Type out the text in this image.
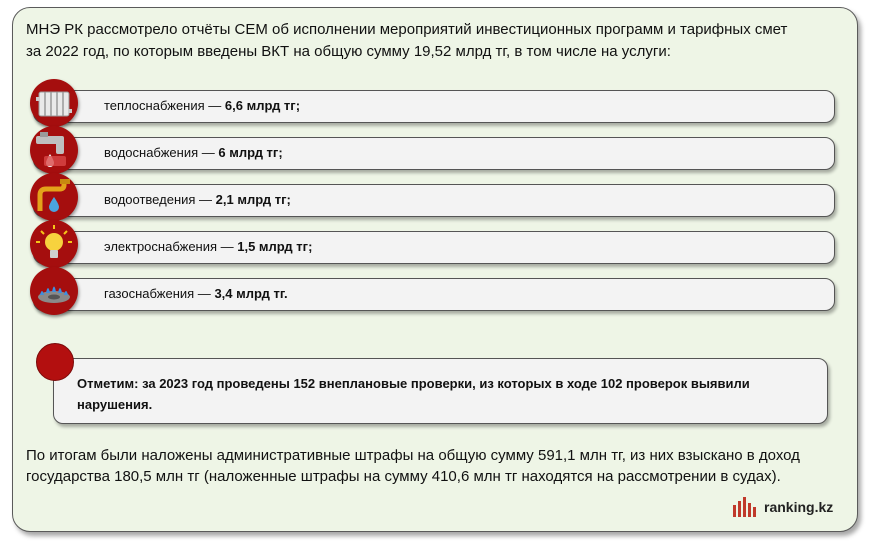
МНЭ РК рассмотрело отчёты СЕМ об исполнении мероприятий инвестиционных программ и тарифных смет
за 2022 год, по которым введены ВКТ на общую сумму 19,52 млрд тг, в том числе на услуги:
теплоснабжения — 6,6 млрд тг;
водоснабжения — 6 млрд тг;
водоотведения — 2,1 млрд тг;
электроснабжения — 1,5 млрд тг;
газоснабжения — 3,4 млрд тг.
Отметим: за 2023 год проведены 152 внеплановые проверки, из которых в ходе 102 проверок выявили нарушения.
По итогам были наложены административные штрафы на общую сумму 591,1 млн тг, из них взыскано в доход государства 180,5 млн тг (наложенные штрафы на сумму 410,6 млн тг находятся на рассмотрении в судах).
ranking.kz
